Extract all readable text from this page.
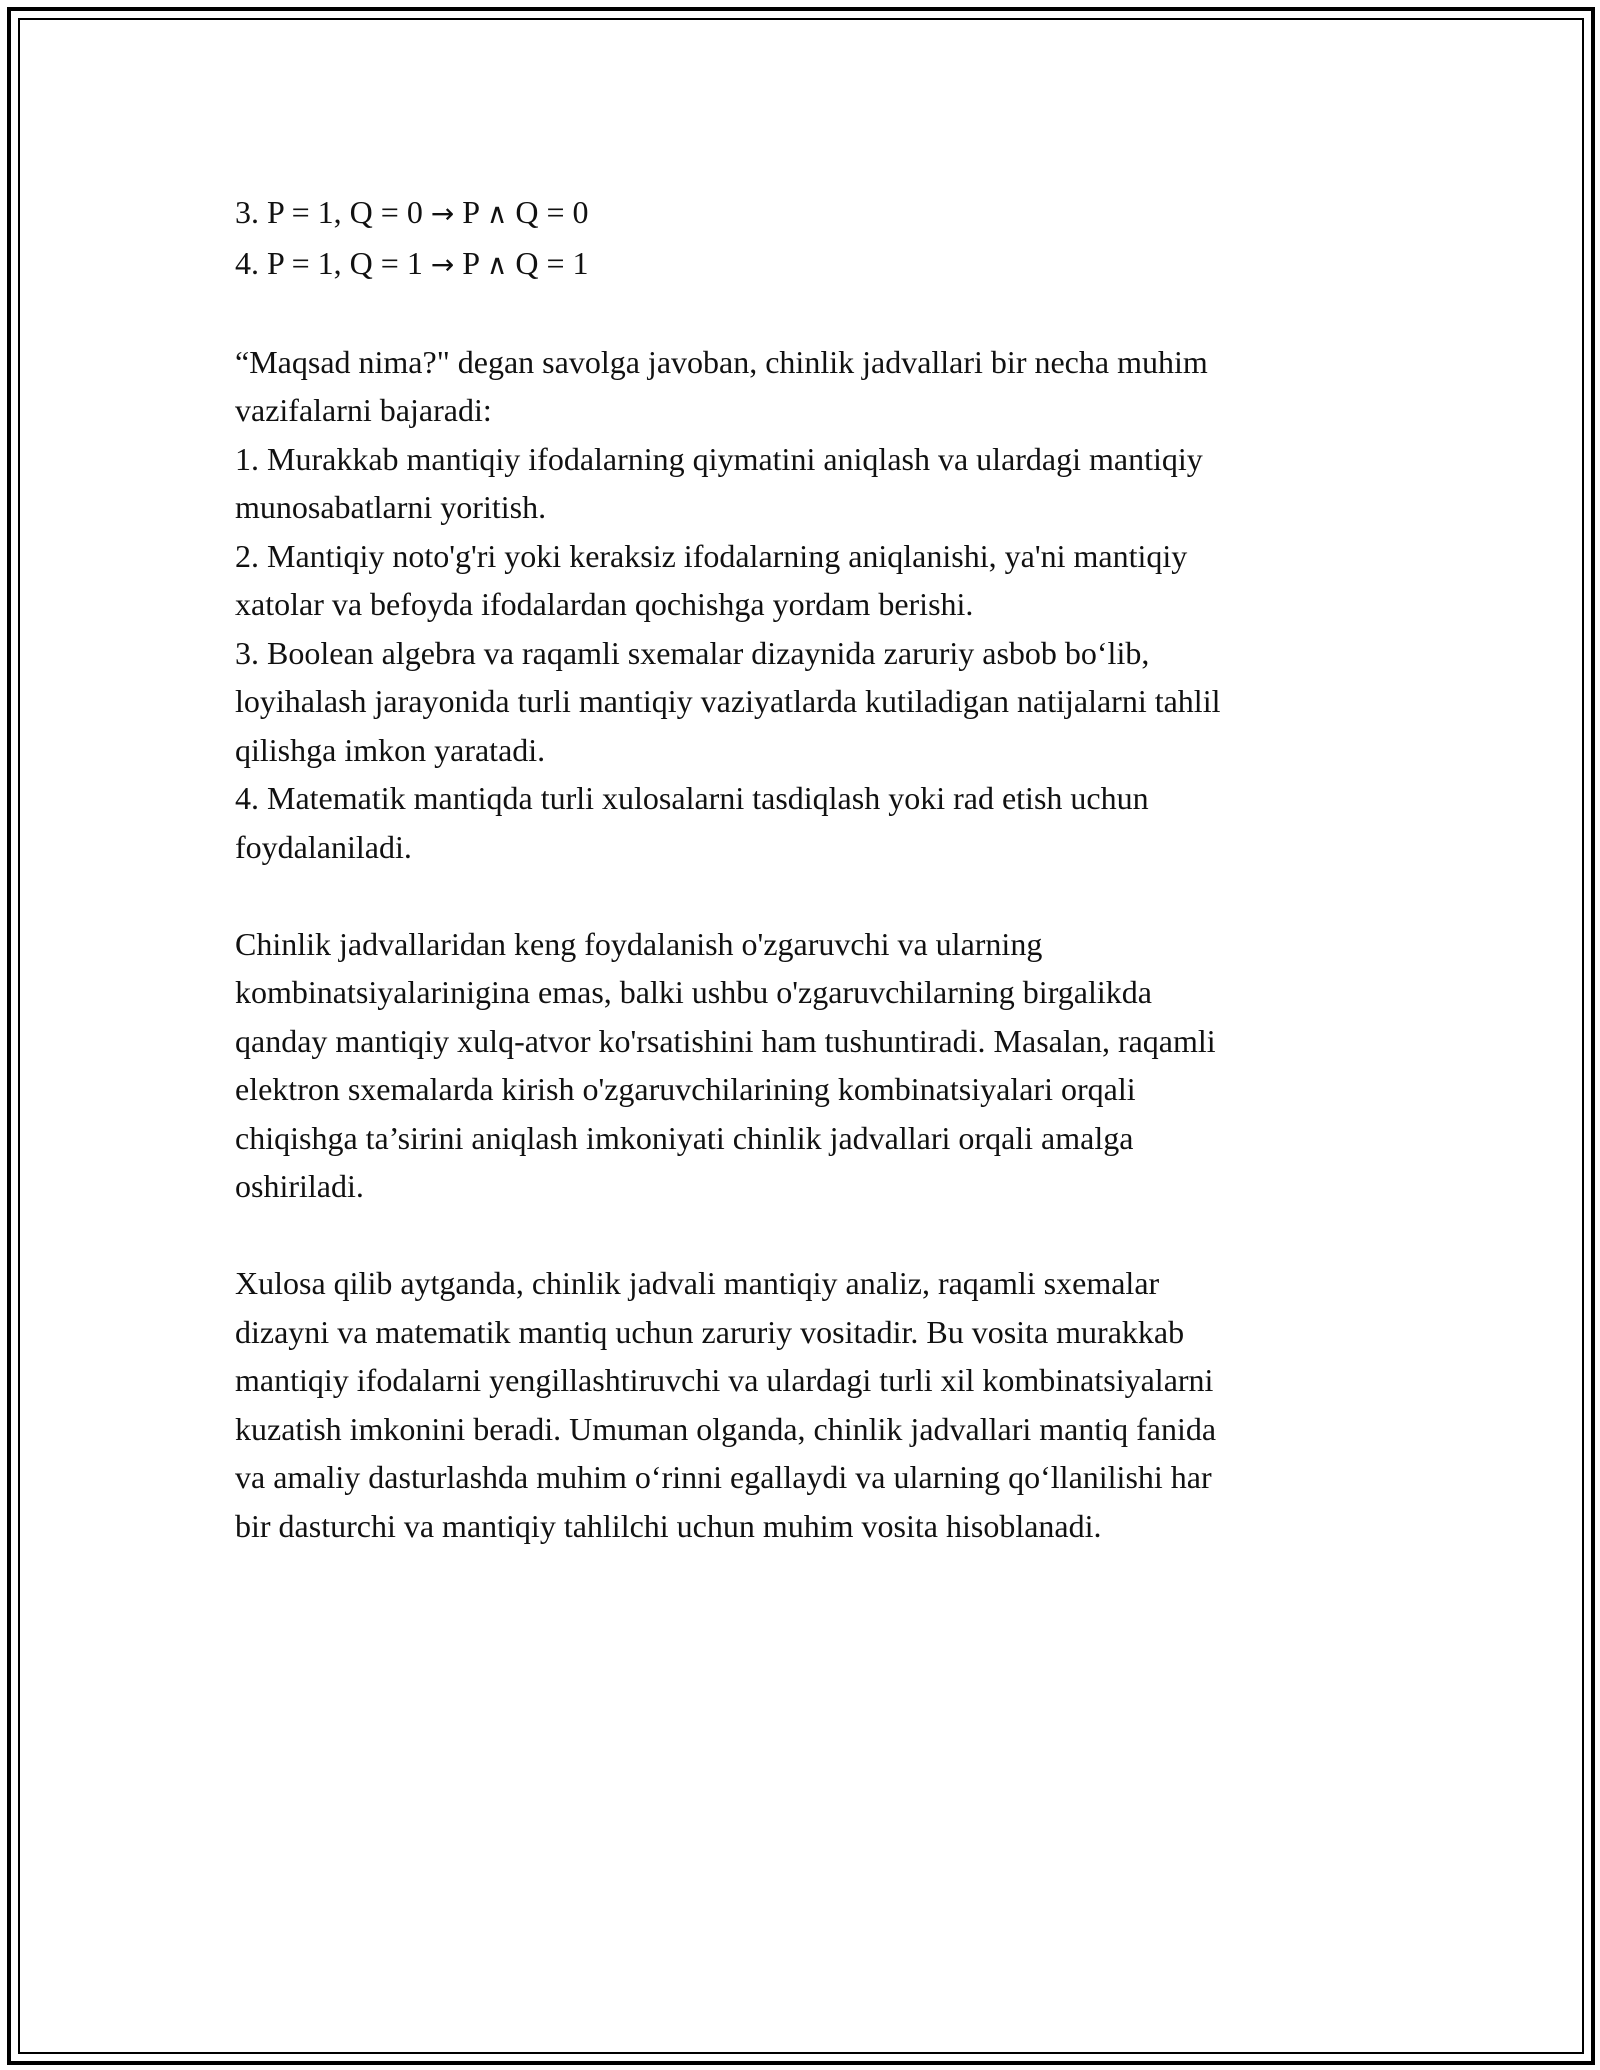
3. P = 1, Q = 0 → P ∧ Q = 0
4. P = 1, Q = 1 → P ∧ Q = 1
“Maqsad nima?" degan savolga javoban, chinlik jadvallari bir necha muhim
vazifalarni bajaradi:
1. Murakkab mantiqiy ifodalarning qiymatini aniqlash va ulardagi mantiqiy
munosabatlarni yoritish.
2. Mantiqiy noto'g'ri yoki keraksiz ifodalarning aniqlanishi, ya'ni mantiqiy
xatolar va befoyda ifodalardan qochishga yordam berishi.
3. Boolean algebra va raqamli sxemalar dizaynida zaruriy asbob bo‘lib,
loyihalash jarayonida turli mantiqiy vaziyatlarda kutiladigan natijalarni tahlil
qilishga imkon yaratadi.
4. Matematik mantiqda turli xulosalarni tasdiqlash yoki rad etish uchun
foydalaniladi.
Chinlik jadvallaridan keng foydalanish o'zgaruvchi va ularning
kombinatsiyalarinigina emas, balki ushbu o'zgaruvchilarning birgalikda
qanday mantiqiy xulq-atvor ko'rsatishini ham tushuntiradi. Masalan, raqamli
elektron sxemalarda kirish o'zgaruvchilarining kombinatsiyalari orqali
chiqishga ta’sirini aniqlash imkoniyati chinlik jadvallari orqali amalga
oshiriladi.
Xulosa qilib aytganda, chinlik jadvali mantiqiy analiz, raqamli sxemalar
dizayni va matematik mantiq uchun zaruriy vositadir. Bu vosita murakkab
mantiqiy ifodalarni yengillashtiruvchi va ulardagi turli xil kombinatsiyalarni
kuzatish imkonini beradi. Umuman olganda, chinlik jadvallari mantiq fanida
va amaliy dasturlashda muhim o‘rinni egallaydi va ularning qo‘llanilishi har
bir dasturchi va mantiqiy tahlilchi uchun muhim vosita hisoblanadi.
